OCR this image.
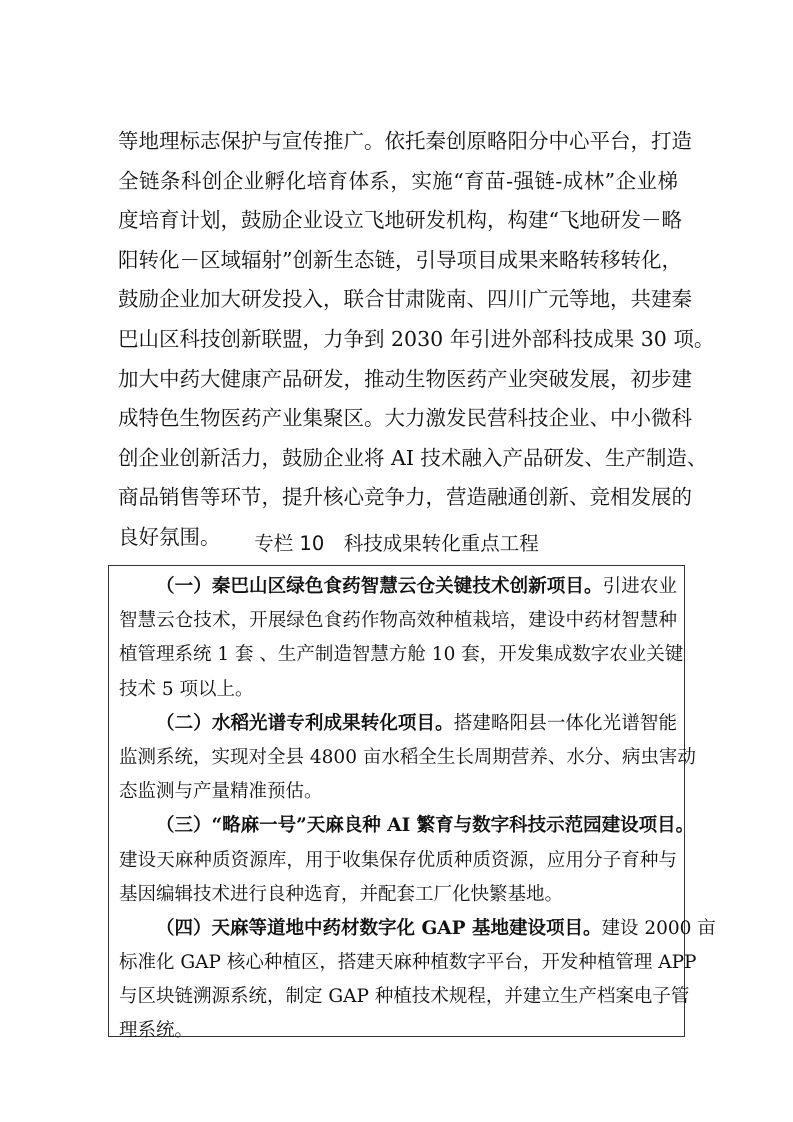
等地理标志保护与宣传推广。依托秦创原略阳分中心平台，打造
全链条科创企业孵化培育体系，实施“育苗-强链-成林”企业梯
度培育计划，鼓励企业设立飞地研发机构，构建“飞地研发－略
阳转化－区域辐射”创新生态链，引导项目成果来略转移转化，
鼓励企业加大研发投入，联合甘肃陇南、四川广元等地，共建秦
巴山区科技创新联盟，力争到 2030 年引进外部科技成果 30 项。
加大中药大健康产品研发，推动生物医药产业突破发展，初步建
成特色生物医药产业集聚区。大力激发民营科技企业、中小微科
创企业创新活力，鼓励企业将 AI 技术融入产品研发、生产制造、
商品销售等环节，提升核心竞争力，营造融通创新、竞相发展的
良好氛围。	专栏 10　科技成果转化重点工程
（一）秦巴山区绿色食药智慧云仓关键技术创新项目。引进农业
智慧云仓技术，开展绿色食药作物高效种植栽培，建设中药材智慧种
植管理系统 1 套 、生产制造智慧方舱 10 套，开发集成数字农业关键
技术 5 项以上。
（二）水稻光谱专利成果转化项目。搭建略阳县一体化光谱智能
监测系统，实现对全县 4800 亩水稻全生长周期营养、水分、病虫害动
态监测与产量精准预估。
（三）“略麻一号”天麻良种 AI 繁育与数字科技示范园建设项目。
建设天麻种质资源库，用于收集保存优质种质资源，应用分子育种与
基因编辑技术进行良种选育，并配套工厂化快繁基地。
（四）天麻等道地中药材数字化 GAP 基地建设项目。建设 2000 亩
标准化 GAP 核心种植区，搭建天麻种植数字平台，开发种植管理 APP
与区块链溯源系统，制定 GAP 种植技术规程，并建立生产档案电子管
理系统。
